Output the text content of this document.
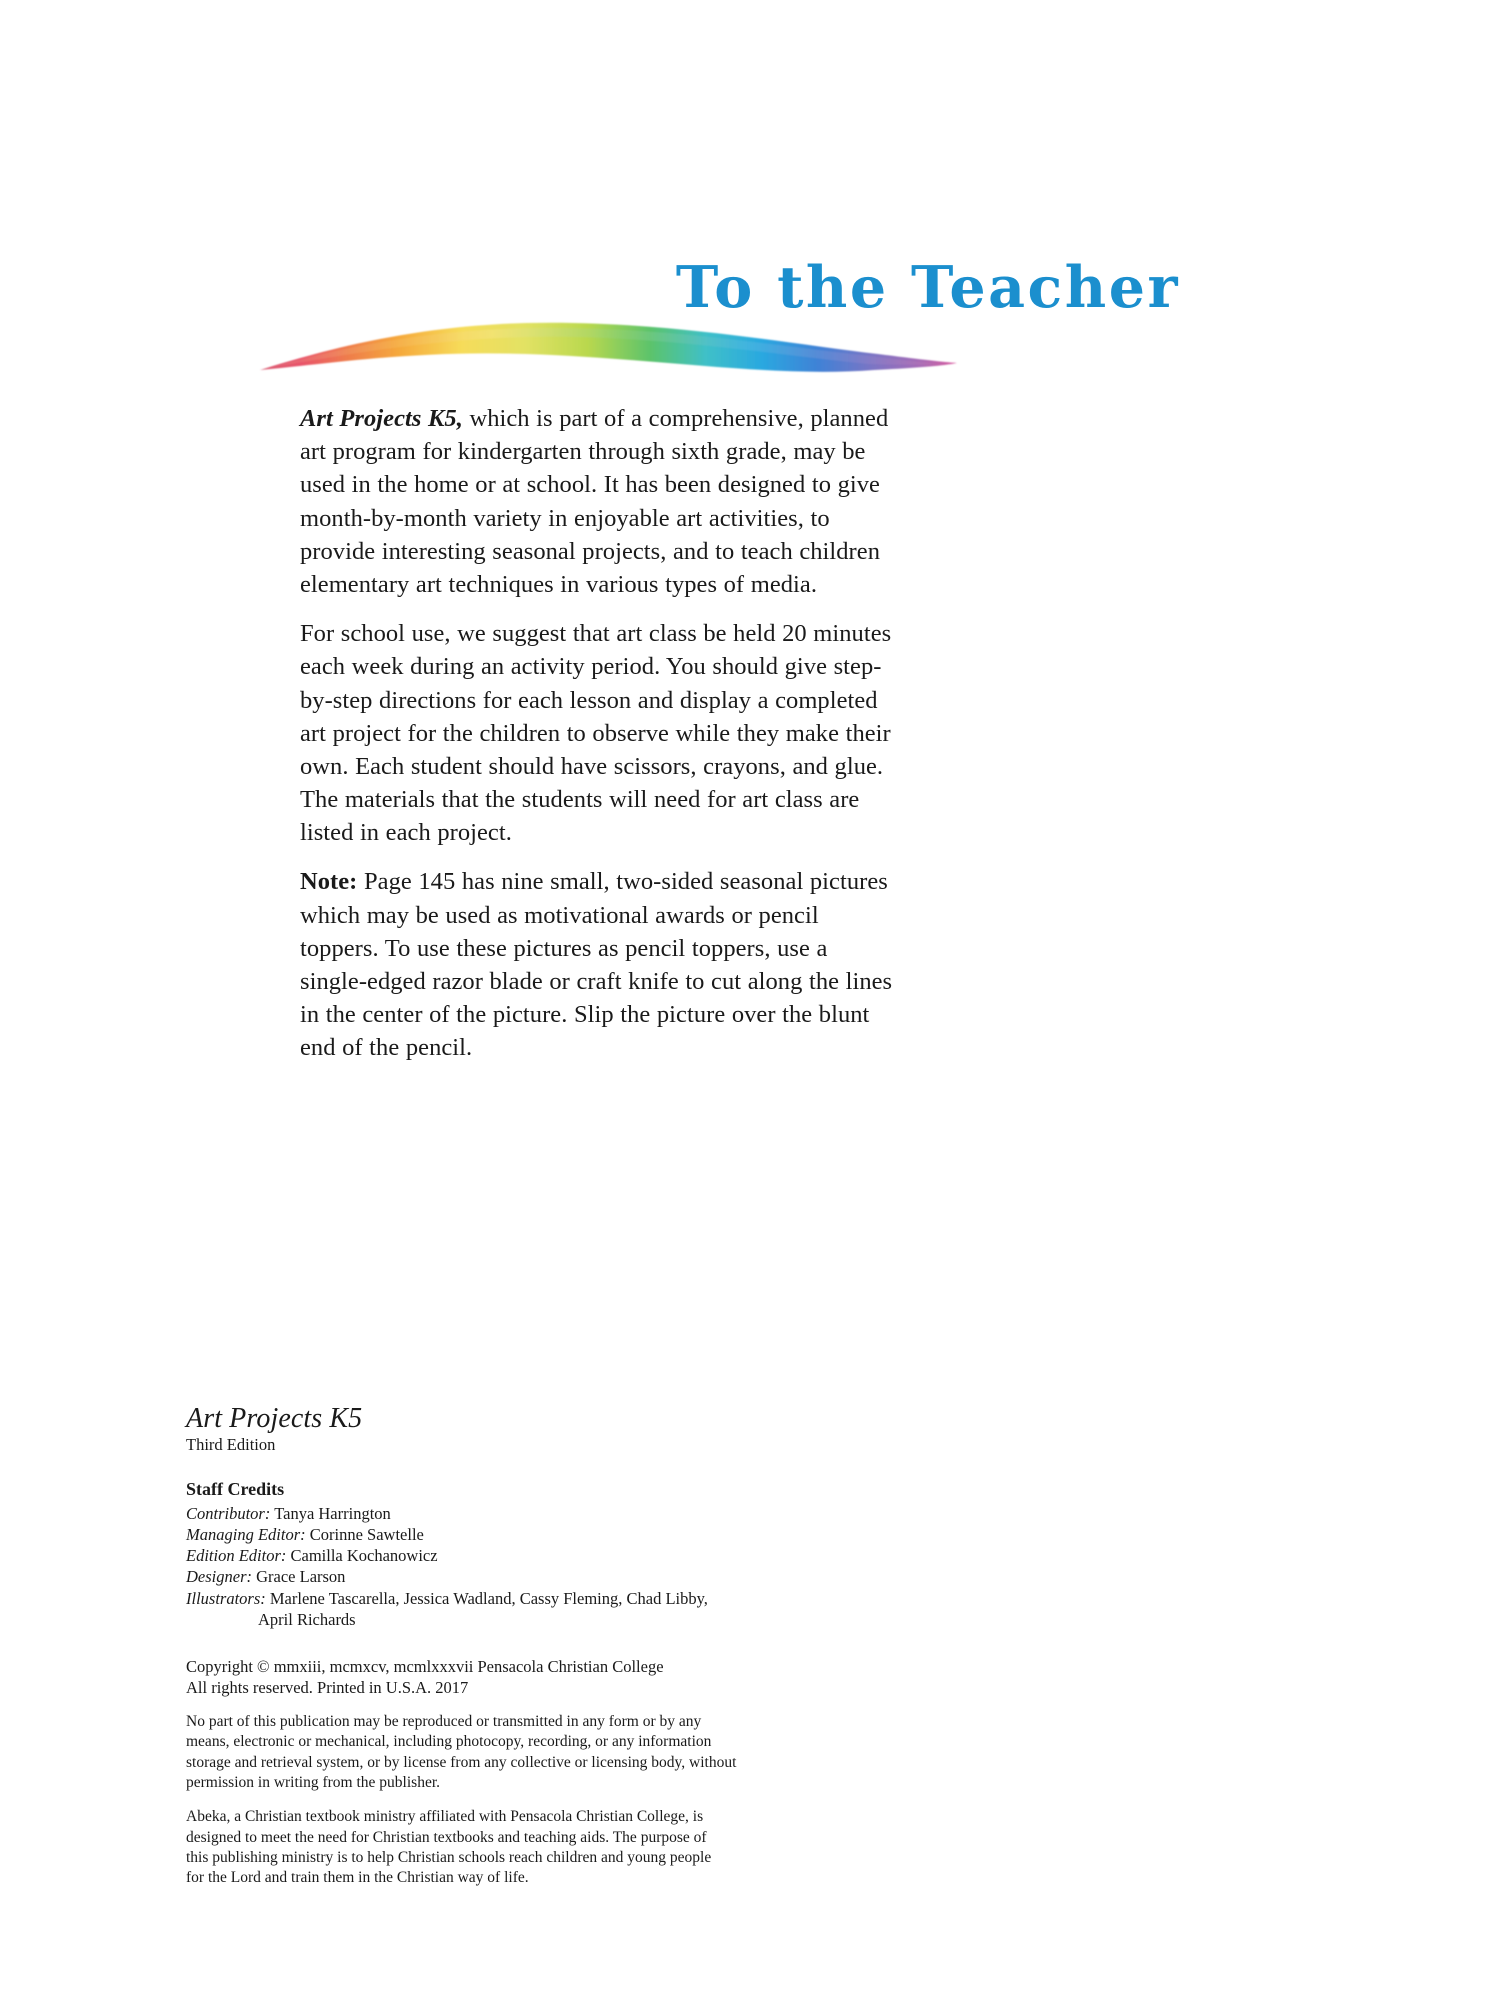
To the Teacher

Art Projects K5, which is part of a comprehensive, planned art program for kindergarten through sixth grade, may be used in the home or at school. It has been designed to give month-by-month variety in enjoyable art activities, to provide interesting seasonal projects, and to teach children elementary art techniques in various types of media.

For school use, we suggest that art class be held 20 minutes each week during an activity period. You should give step-by-step directions for each lesson and display a completed art project for the children to observe while they make their own. Each student should have scissors, crayons, and glue. The materials that the students will need for art class are listed in each project.

Note: Page 145 has nine small, two-sided seasonal pictures which may be used as motivational awards or pencil toppers. To use these pictures as pencil toppers, use a single-edged razor blade or craft knife to cut along the lines in the center of the picture. Slip the picture over the blunt end of the pencil.

Art Projects K5
Third Edition
Staff Credits
Contributor: Tanya Harrington
Managing Editor: Corinne Sawtelle
Edition Editor: Camilla Kochanowicz
Designer: Grace Larson
Illustrators: Marlene Tascarella, Jessica Wadland, Cassy Fleming, Chad Libby,
April Richards
Copyright © mmxiii, mcmxcv, mcmlxxxvii Pensacola Christian College
All rights reserved. Printed in U.S.A. 2017
No part of this publication may be reproduced or transmitted in any form or by any
means, electronic or mechanical, including photocopy, recording, or any information
storage and retrieval system, or by license from any collective or licensing body, without
permission in writing from the publisher.
Abeka, a Christian textbook ministry affiliated with Pensacola Christian College, is
designed to meet the need for Christian textbooks and teaching aids. The purpose of
this publishing ministry is to help Christian schools reach children and young people
for the Lord and train them in the Christian way of life.
